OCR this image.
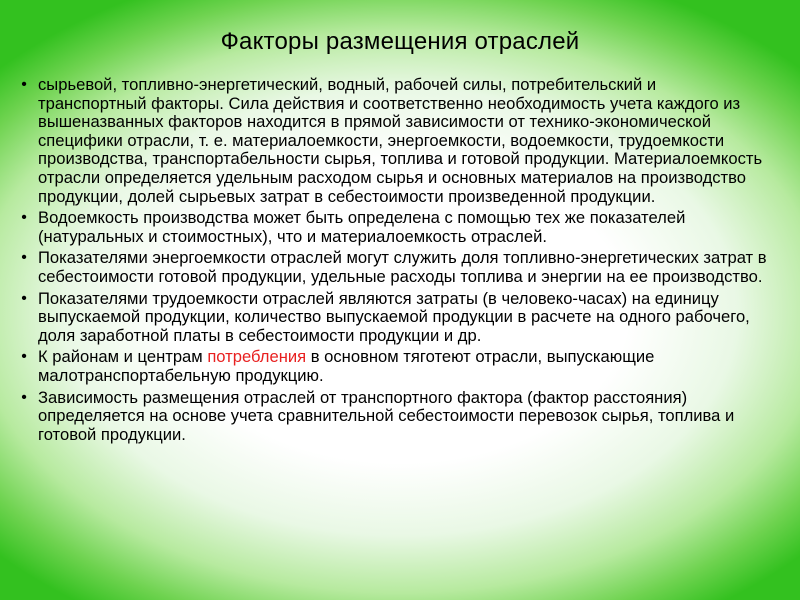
Факторы размещения отраслей
• сырьевой, топливно-энергетический, водный, рабочей силы, потребительский и транспортный факторы. Сила действия и соответственно необходимость учета каждого из вышеназванных факторов находится в прямой зависимости от технико-экономической специфики отрасли, т. е. материалоемкости, энергоемкости, водоемкости, трудоемкости производства, транспортабельности сырья, топлива и готовой продукции. Материалоемкость отрасли определяется удельным расходом сырья и основных материалов на производство продукции, долей сырьевых затрат в себестоимости произведенной продукции.
• Водоемкость производства может быть определена с помощью тех же показателей (натуральных и стоимостных), что и материалоемкость отраслей.
• Показателями энергоемкости отраслей могут служить доля топливно-энергетических затрат в себестоимости готовой продукции, удельные расходы топлива и энергии на ее производство.
• Показателями трудоемкости отраслей являются затраты (в человеко-часах) на единицу выпускаемой продукции, количество выпускаемой продукции в расчете на одного рабочего, доля заработной платы в себестоимости продукции и др.
• К районам и центрам потребления в основном тяготеют отрасли, выпускающие малотранспортабельную продукцию.
• Зависимость размещения отраслей от транспортного фактора (фактор расстояния) определяется на основе учета сравнительной себестоимости перевозок сырья, топлива и готовой продукции.
